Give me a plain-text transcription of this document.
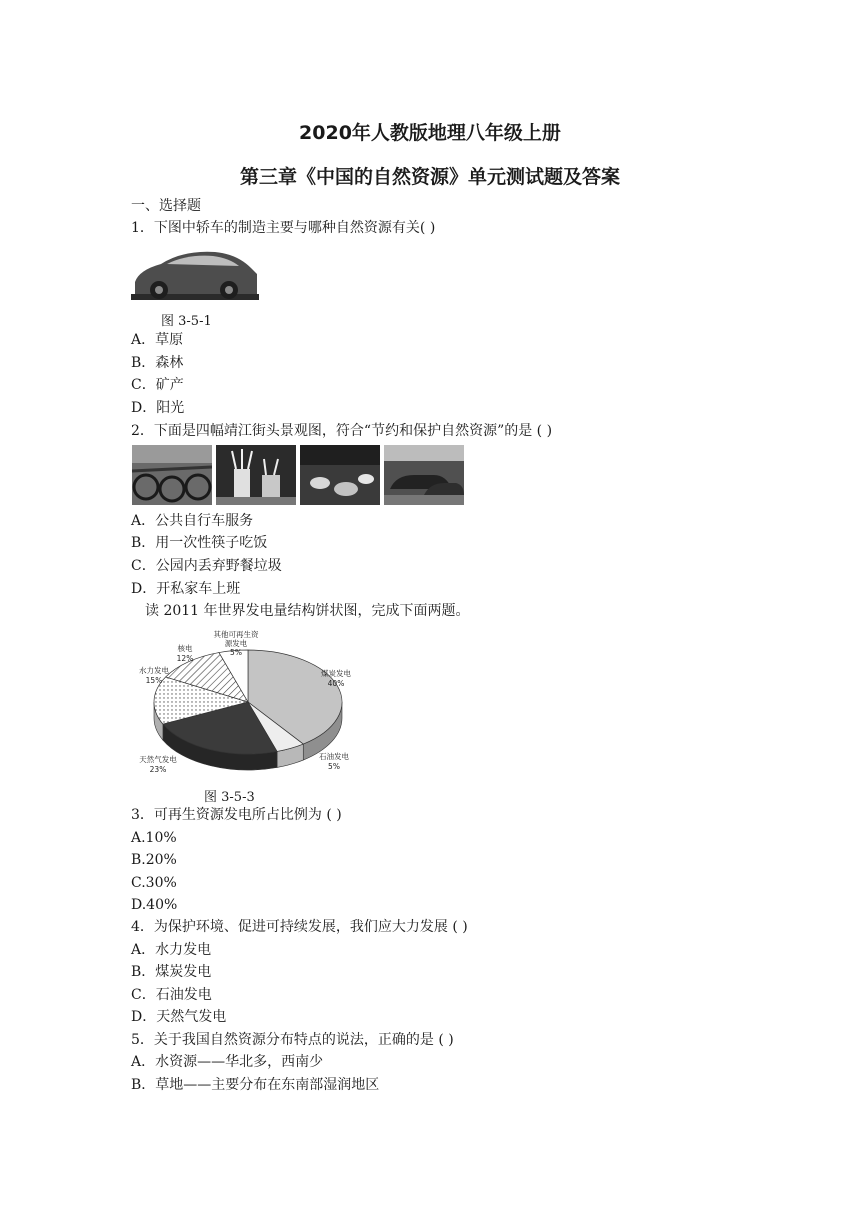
2020年人教版地理八年级上册
第三章《中国的自然资源》单元测试题及答案
一、选择题
1．下图中轿车的制造主要与哪种自然资源有关( )
图 3-5-1
A．草原
B．森林
C．矿产
D．阳光
2．下面是四幅靖江街头景观图，符合“节约和保护自然资源”的是 ( )
A．公共自行车服务
B．用一次性筷子吃饭
C．公园内丢弃野餐垃圾
D．开私家车上班
读 2011 年世界发电量结构饼状图，完成下面两题。
煤炭发电
40%
石油发电
5%
天然气发电
23%
水力发电
15%
核电
12%
其他可再生资
源发电
5%
图 3-5-3
3．可再生资源发电所占比例为 ( )
A.10%
B.20%
C.30%
D.40%
4．为保护环境、促进可持续发展，我们应大力发展 ( )
A．水力发电
B．煤炭发电
C．石油发电
D．天然气发电
5．关于我国自然资源分布特点的说法，正确的是 ( )
A．水资源——华北多，西南少
B．草地——主要分布在东南部湿润地区
